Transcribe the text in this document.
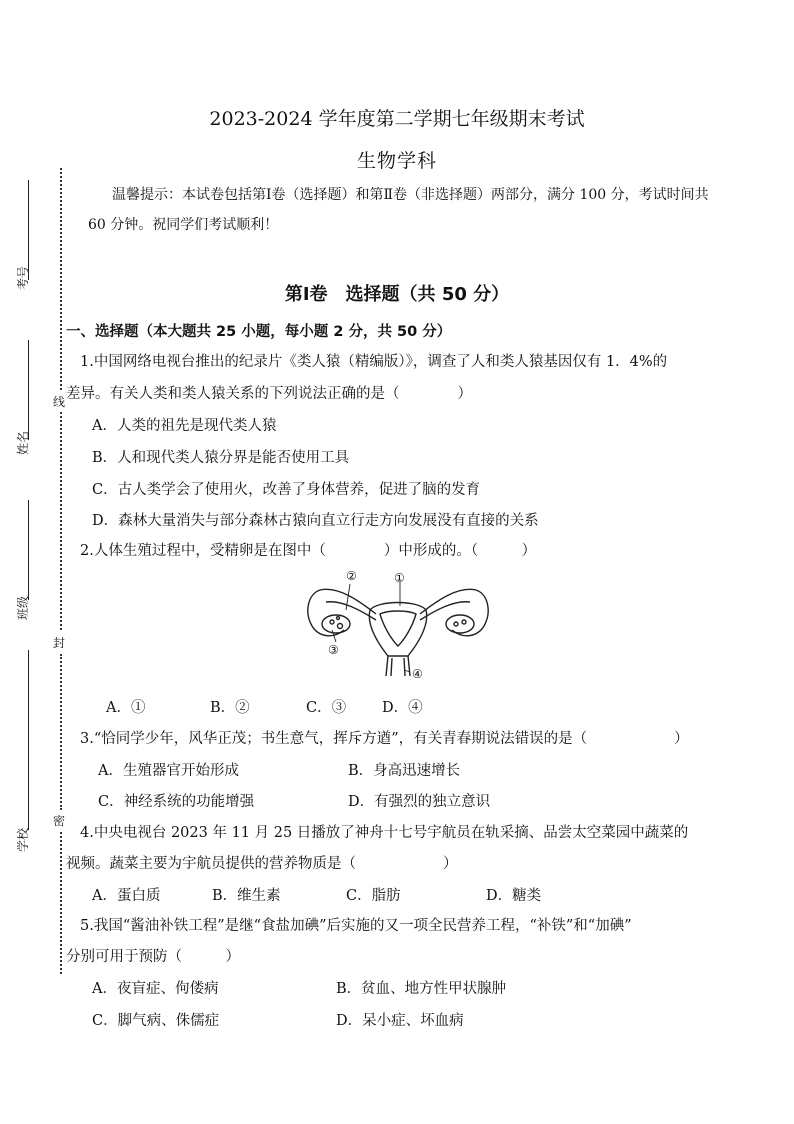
考号
姓名
班级
学校
线
封
密
2023-2024 学年度第二学期七年级期末考试
生物学科
温馨提示：本试卷包括第Ⅰ卷（选择题）和第Ⅱ卷（非选择题）两部分，满分 100 分，考试时间共 60 分钟。祝同学们考试顺利！
第Ⅰ卷　选择题（共 50 分）
一、选择题（本大题共 25 小题，每小题 2 分，共 50 分）
1.中国网络电视台推出的纪录片《类人猿（精编版）》，调查了人和类人猿基因仅有 1．4%的
差异。有关人类和类人猿关系的下列说法正确的是（　　　　）
A．人类的祖先是现代类人猿
B．人和现代类人猿分界是能否使用工具
C．古人类学会了使用火，改善了身体营养，促进了脑的发育
D．森林大量消失与部分森林古猿向直立行走方向发展没有直接的关系
2.人体生殖过程中，受精卵是在图中（　　　　）中形成的。（　　　）
②	①
③
④
A．①	B．②	C．③ D．④
3.“恰同学少年，风华正茂；书生意气，挥斥方遒”，有关青春期说法错误的是（　　　　　　）
A．生殖器官开始形成	B．身高迅速增长
C．神经系统的功能增强	D．有强烈的独立意识
4.中央电视台 2023 年 11 月 25 日播放了神舟十七号宇航员在轨采摘、品尝太空菜园中蔬菜的
视频。蔬菜主要为宇航员提供的营养物质是（　　　　　　）
A．蛋白质	B．维生素	C．脂肪	D．糖类
5.我国“酱油补铁工程”是继“食盐加碘”后实施的又一项全民营养工程，“补铁”和“加碘”
分别可用于预防（　　　）
A．夜盲症、佝偻病	B．贫血、地方性甲状腺肿
C．脚气病、侏儒症	D．呆小症、坏血病
